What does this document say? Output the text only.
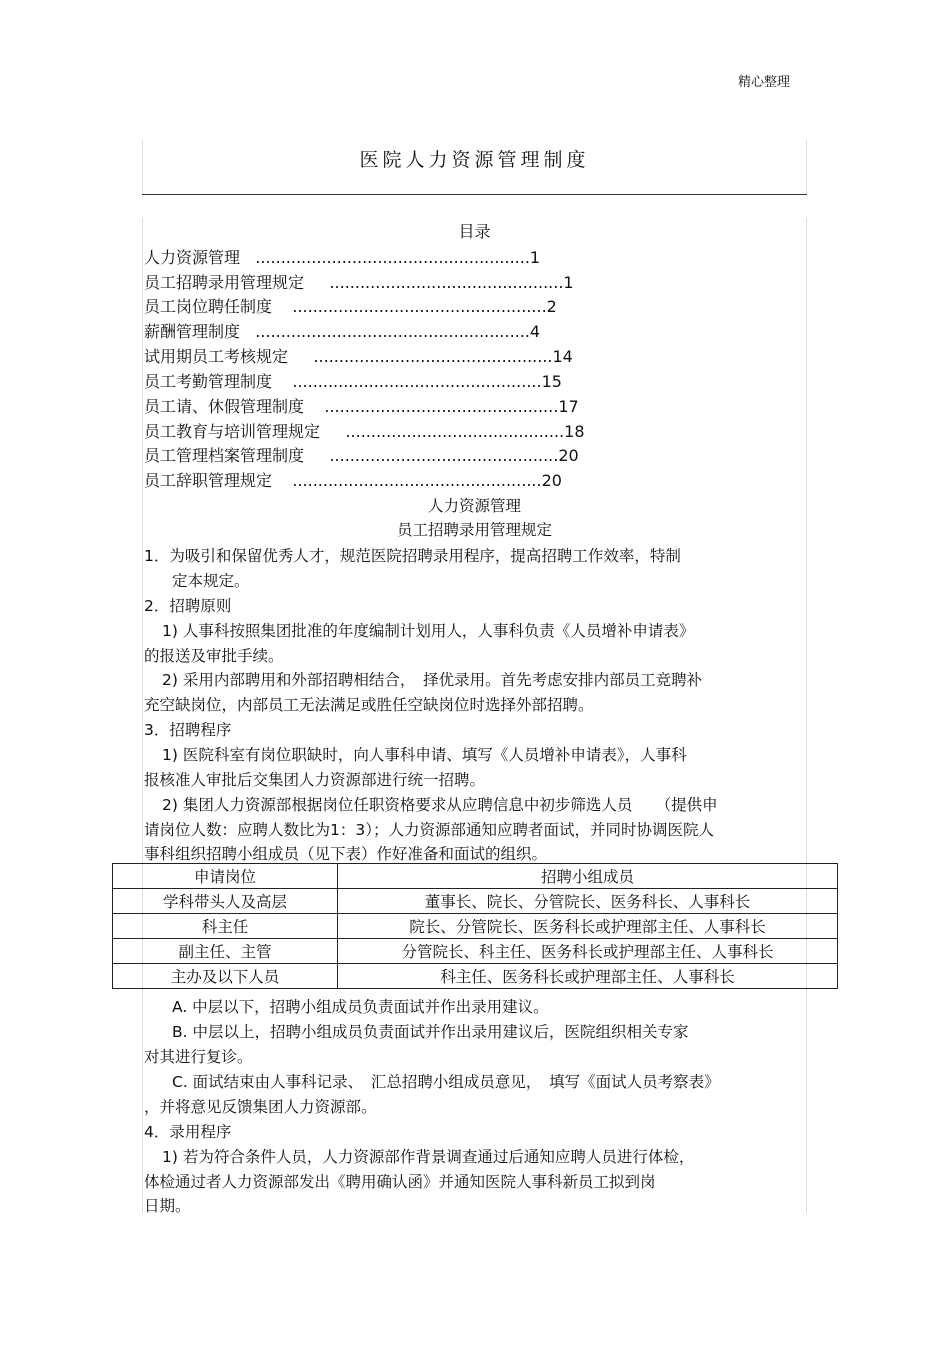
精心整理
医院人力资源管理制度
目录
人力资源管理 ......................................................1
员工招聘录用管理规定 ..............................................1
员工岗位聘任制度 ..................................................2
薪酬管理制度 ......................................................4
试用期员工考核规定 ...............................................14
员工考勤管理制度 .................................................15
员工请、休假管理制度 ..............................................17
员工教育与培训管理规定 ...........................................18
员工管理档案管理制度 .............................................20
员工辞职管理规定 .................................................20
人力资源管理
员工招聘录用管理规定
1．为吸引和保留优秀人才，规范医院招聘录用程序，提高招聘工作效率，特制
定本规定。
2．招聘原则
1) 人事科按照集团批准的年度编制计划用人，人事科负责《人员增补申请表》
的报送及审批手续。
2) 采用内部聘用和外部招聘相结合，　择优录用。首先考虑安排内部员工竞聘补
充空缺岗位，内部员工无法满足或胜任空缺岗位时选择外部招聘。
3．招聘程序
1) 医院科室有岗位职缺时，向人事科申请、填写《人员增补申请表》，人事科
报核准人审批后交集团人力资源部进行统一招聘。
2) 集团人力资源部根据岗位任职资格要求从应聘信息中初步筛选人员　　（提供申
请岗位人数：应聘人数比为1：3）；人力资源部通知应聘者面试，并同时协调医院人
事科组织招聘小组成员（见下表）作好准备和面试的组织。
申请岗位	招聘小组成员
学科带头人及高层	董事长、院长、分管院长、医务科长、人事科长
科主任	院长、分管院长、医务科长或护理部主任、人事科长
副主任、主管	分管院长、科主任、医务科长或护理部主任、人事科长
主办及以下人员	科主任、医务科长或护理部主任、人事科长
A. 中层以下，招聘小组成员负责面试并作出录用建议。
B. 中层以上，招聘小组成员负责面试并作出录用建议后，医院组织相关专家
对其进行复诊。
C. 面试结束由人事科记录、　汇总招聘小组成员意见，　填写《面试人员考察表》
，并将意见反馈集团人力资源部。
4．录用程序
1) 若为符合条件人员，人力资源部作背景调查通过后通知应聘人员进行体检，
体检通过者人力资源部发出《聘用确认函》并通知医院人事科新员工拟到岗
日期。
